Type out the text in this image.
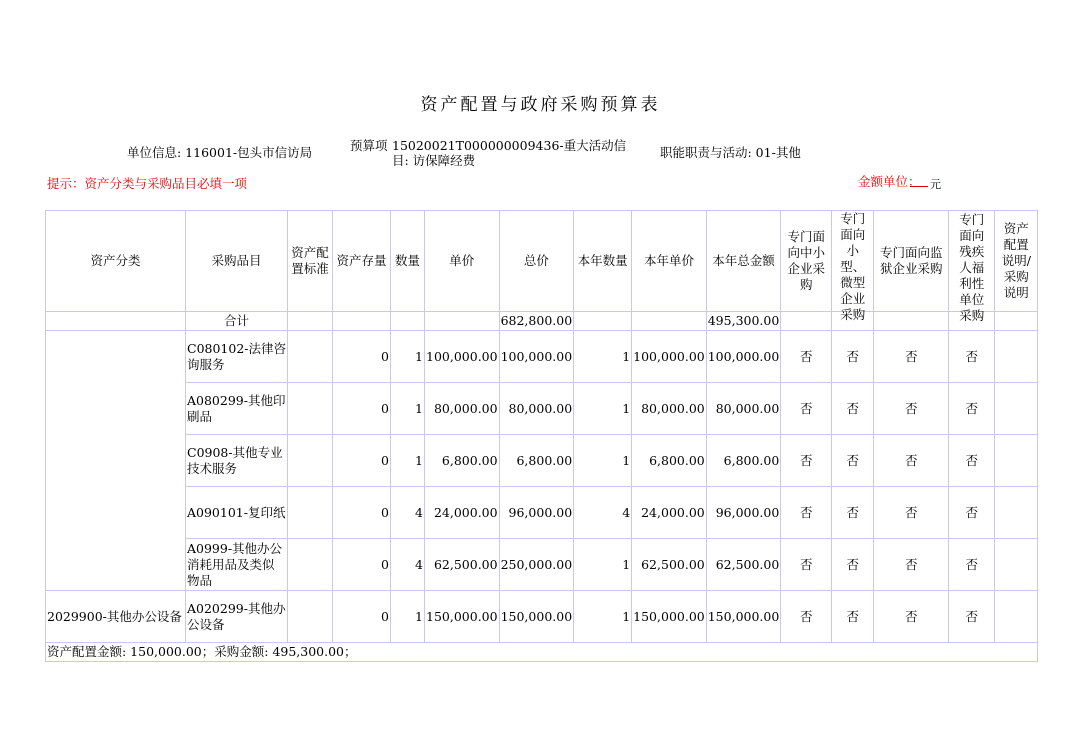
资产配置与政府采购预算表
单位信息: 116001-包头市信访局	预算项 15020021T000000009436-重大活动信
目: 访保障经费
职能职责与活动: 01-其他
提示：资产分类与采购品目必填一项	金额单位： 元
资产分类	采购品目	资产配置标准	资产存量	数量	单价	总价	本年数量	本年单价	本年总金额	专门面向中小企业采购	专门面向小型、微型企业采购	专门面向监狱企业采购	专门面向残疾人福利性单位采购	资产配置说明/采购说明

	合计					682,800.00			495,300.00					
	C080102-法律咨询服务		0	1	100,000.00	100,000.00	1	100,000.00	100,000.00	否	否	否	否	
	A080299-其他印刷品		0	1	80,000.00	80,000.00	1	80,000.00	80,000.00	否	否	否	否	
	C0908-其他专业技术服务		0	1	6,800.00	6,800.00	1	6,800.00	6,800.00	否	否	否	否	
	A090101-复印纸		0	4	24,000.00	96,000.00	4	24,000.00	96,000.00	否	否	否	否	
	A0999-其他办公消耗用品及类似物品		0	4	62,500.00	250,000.00	1	62,500.00	62,500.00	否	否	否	否	
2029900-其他办公设备	A020299-其他办公设备		0	1	150,000.00	150,000.00	1	150,000.00	150,000.00	否	否	否	否	
资产配置金额: 150,000.00；采购金额: 495,300.00；														
